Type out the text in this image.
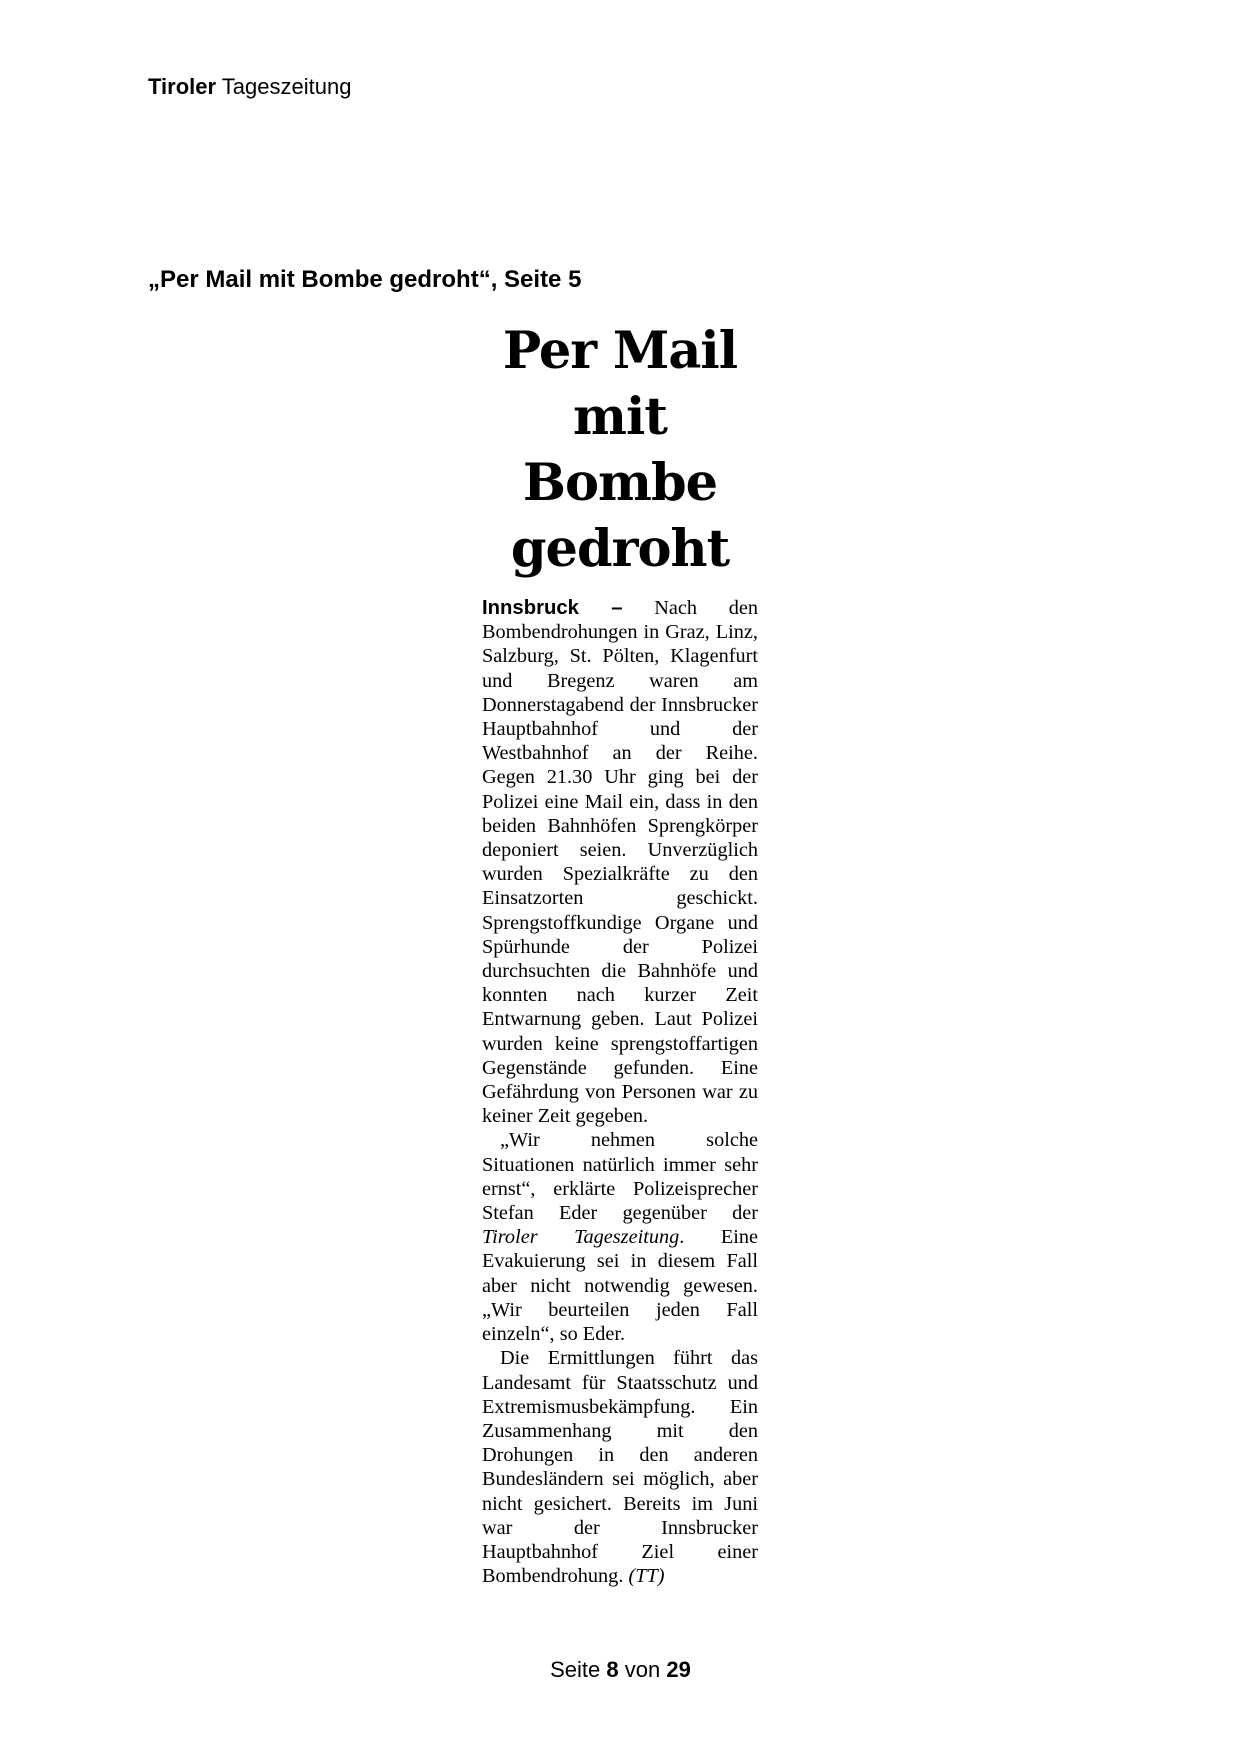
Tiroler Tageszeitung
„Per Mail mit Bombe gedroht“, Seite 5
Per Mail
mit Bombe
gedroht

Innsbruck – Nach den Bombendrohungen in Graz, Linz, Salzburg, St. Pölten, Klagenfurt und Bregenz waren am Donnerstagabend der Innsbrucker Hauptbahnhof und der Westbahnhof an der Reihe. Gegen 21.30 Uhr ging bei der Polizei eine Mail ein, dass in den beiden Bahnhöfen Sprengkörper deponiert seien. Unverzüglich wurden Spezialkräfte zu den Einsatzorten geschickt. Sprengstoffkundige Organe und Spürhunde der Polizei durchsuchten die Bahnhöfe und konnten nach kurzer Zeit Entwarnung geben. Laut Polizei wurden keine sprengstoffartigen Gegenstände gefunden. Eine Gefährdung von Personen war zu keiner Zeit gegeben.

„Wir nehmen solche Situationen natürlich immer sehr ernst“, erklärte Polizeisprecher Stefan Eder gegenüber der Tiroler Tageszeitung. Eine Evakuierung sei in diesem Fall aber nicht notwendig gewesen. „Wir beurteilen jeden Fall einzeln“, so Eder.

Die Ermittlungen führt das Landesamt für Staatsschutz und Extremismusbekämpfung. Ein Zusammenhang mit den Drohungen in den anderen Bundesländern sei möglich, aber nicht gesichert. Bereits im Juni war der Innsbrucker Hauptbahnhof Ziel einer Bombendrohung. (TT)

Seite 8 von 29
